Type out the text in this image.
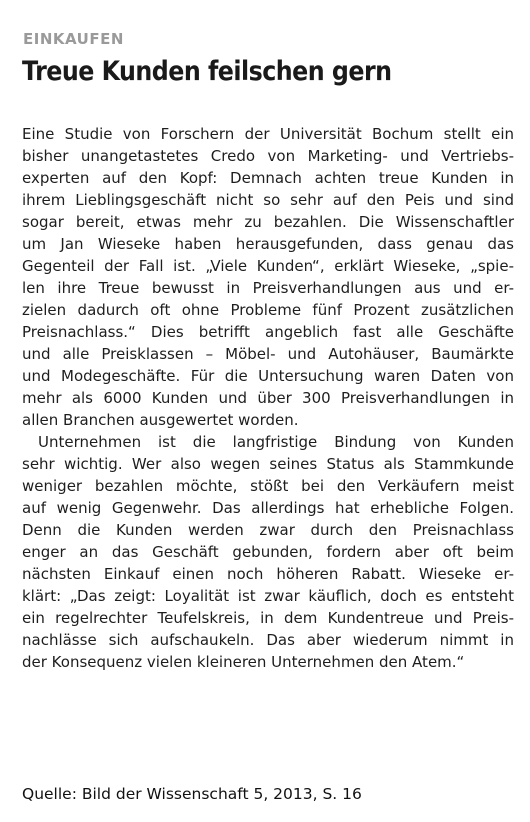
EINKAUFEN
Treue Kunden feilschen gern

Eine Studie von Forschern der Universität Bochum stellt ein
bisher unangetastetes Credo von Marketing- und Vertriebs-
experten auf den Kopf: Demnach achten treue Kunden in
ihrem Lieblingsgeschäft nicht so sehr auf den Peis und sind
sogar bereit, etwas mehr zu bezahlen. Die Wissenschaftler
um Jan Wieseke haben herausgefunden, dass genau das
Gegenteil der Fall ist. „Viele Kunden“, erklärt Wieseke, „spie-
len ihre Treue bewusst in Preisverhandlungen aus und er-
zielen dadurch oft ohne Probleme fünf Prozent zusätzlichen
Preisnachlass.“ Dies betrifft angeblich fast alle Geschäfte
und alle Preisklassen – Möbel- und Autohäuser, Baumärkte
und Modegeschäfte. Für die Untersuchung waren Daten von
mehr als 6000 Kunden und über 300 Preisverhandlungen in
allen Branchen ausgewertet worden.

Unternehmen ist die langfristige Bindung von Kunden
sehr wichtig. Wer also wegen seines Status als Stammkunde
weniger bezahlen möchte, stößt bei den Verkäufern meist
auf wenig Gegenwehr. Das allerdings hat erhebliche Folgen.
Denn die Kunden werden zwar durch den Preisnachlass
enger an das Geschäft gebunden, fordern aber oft beim
nächsten Einkauf einen noch höheren Rabatt. Wieseke er-
klärt: „Das zeigt: Loyalität ist zwar käuflich, doch es entsteht
ein regelrechter Teufelskreis, in dem Kundentreue und Preis-
nachlässe sich aufschaukeln. Das aber wiederum nimmt in
der Konsequenz vielen kleineren Unternehmen den Atem.“

Quelle: Bild der Wissenschaft 5, 2013, S. 16
